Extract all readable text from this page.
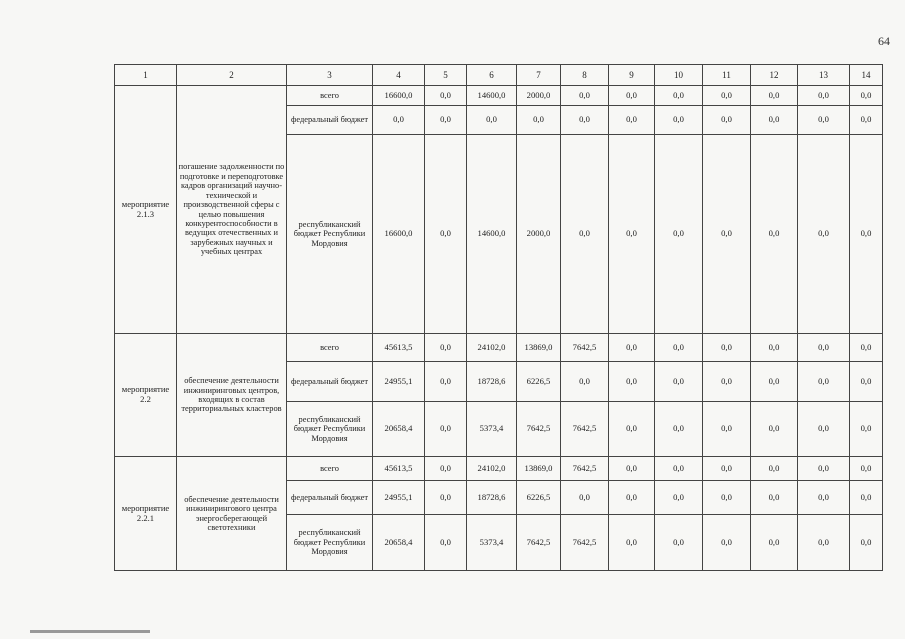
64
1	2	3	4	5	6	7	8	9	10	11	12	13	14
мероприятие 2.1.3	погашение задолженности по подготовке и переподготовке кадров организаций научно-технической и производственной сферы с целью повышения конкурентоспособности в ведущих отечественных и зарубежных научных и учебных центрах	всего	16600,0	0,0	14600,0	2000,0	0,0	0,0	0,0	0,0	0,0	0,0	0,0
		федеральный бюджет	0,0	0,0	0,0	0,0	0,0	0,0	0,0	0,0	0,0	0,0	0,0
		республиканский бюджет Республики Мордовия	16600,0	0,0	14600,0	2000,0	0,0	0,0	0,0	0,0	0,0	0,0	0,0
мероприятие 2.2	обеспечение деятельности инжиниринговых центров, входящих в состав территориальных кластеров	всего	45613,5	0,0	24102,0	13869,0	7642,5	0,0	0,0	0,0	0,0	0,0	0,0
		федеральный бюджет	24955,1	0,0	18728,6	6226,5	0,0	0,0	0,0	0,0	0,0	0,0	0,0
		республиканский бюджет Республики Мордовия	20658,4	0,0	5373,4	7642,5	7642,5	0,0	0,0	0,0	0,0	0,0	0,0
мероприятие 2.2.1	обеспечение деятельности инжинирингового центра энергосберегающей светотехники	всего	45613,5	0,0	24102,0	13869,0	7642,5	0,0	0,0	0,0	0,0	0,0	0,0
		федеральный бюджет	24955,1	0,0	18728,6	6226,5	0,0	0,0	0,0	0,0	0,0	0,0	0,0
		республиканский бюджет Республики Мордовия	20658,4	0,0	5373,4	7642,5	7642,5	0,0	0,0	0,0	0,0	0,0	0,0
